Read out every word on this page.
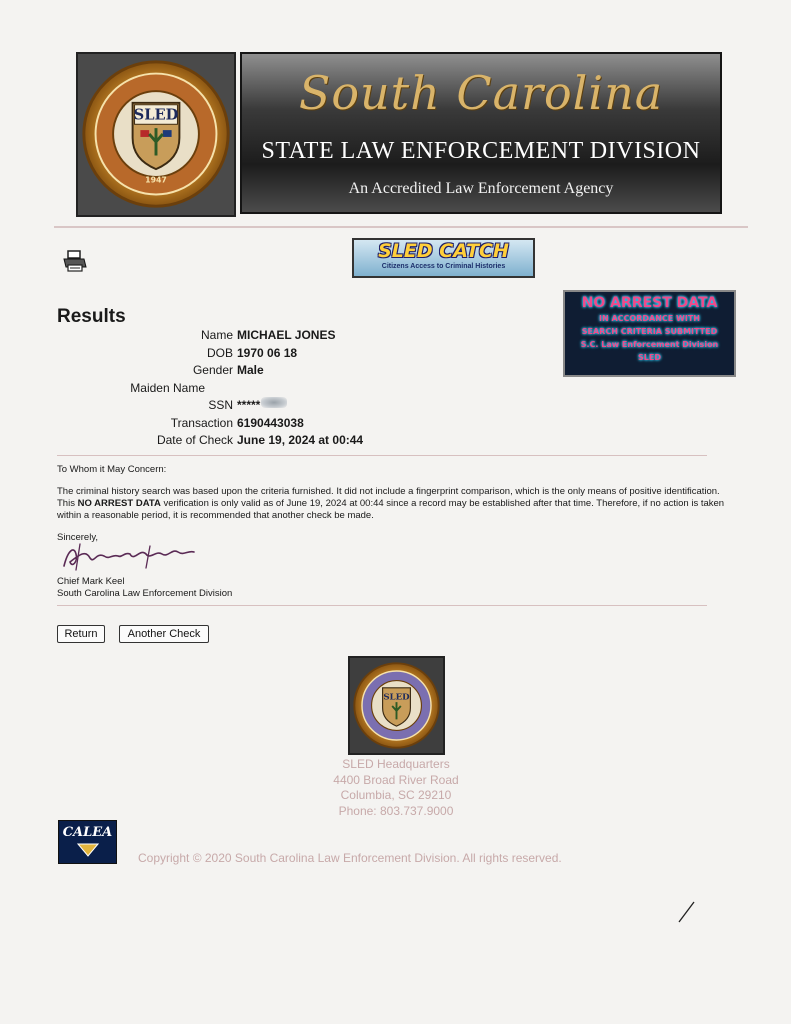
SLED
1947
South Carolina
STATE LAW ENFORCEMENT DIVISION
An Accredited Law Enforcement Agency
SLED CATCH
Citizens Access to Criminal Histories
Results
Name MICHAEL JONES
DOB 1970 06 18
Gender Male
Maiden Name
SSN *****
Transaction 6190443038
Date of Check June 19, 2024 at 00:44
NO ARREST DATA
IN ACCORDANCE WITH
SEARCH CRITERIA SUBMITTED
S.C. Law Enforcement Division
SLED
To Whom it May Concern:
The criminal history search was based upon the criteria furnished. It did not include a fingerprint comparison, which is the only means of positive identification. This NO ARREST DATA verification is only valid as of June 19, 2024 at 00:44 since a record may be established after that time. Therefore, if no action is taken within a reasonable period, it is recommended that another check be made.
Sincerely,
Chief Mark Keel
South Carolina Law Enforcement Division
Return	Another Check
SLED
SLED Headquarters
4400 Broad River Road
Columbia, SC 29210
Phone: 803.737.9000
CALEA
Copyright © 2020 South Carolina Law Enforcement Division. All rights reserved.
